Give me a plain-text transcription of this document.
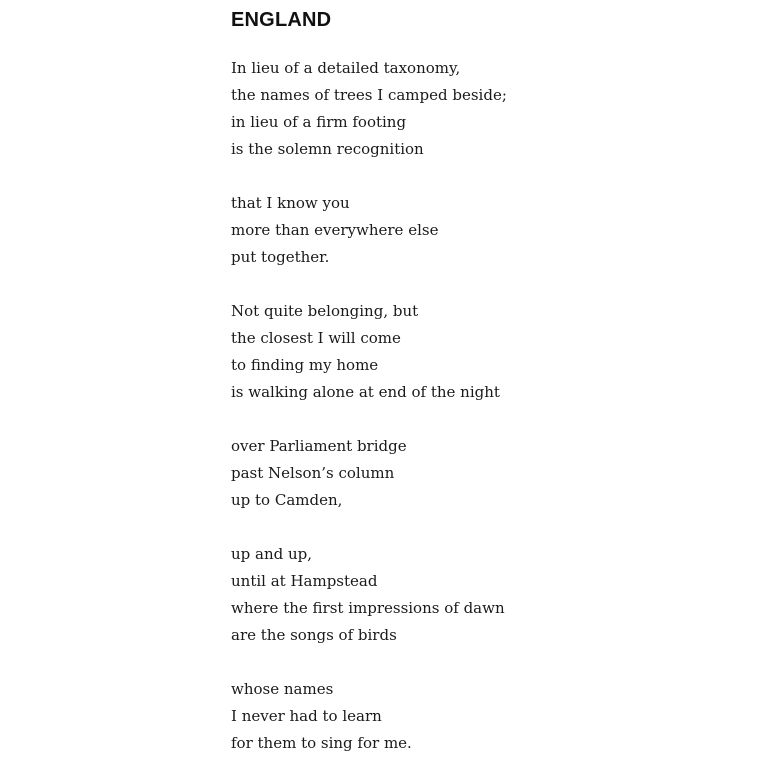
ENGLAND
In lieu of a detailed taxonomy,
the names of trees I camped beside;
in lieu of a firm footing
is the solemn recognition
that I know you
more than everywhere else
put together.
Not quite belonging, but
the closest I will come
to finding my home
is walking alone at end of the night
over Parliament bridge
past Nelson’s column
up to Camden,
up and up,
until at Hampstead
where the first impressions of dawn
are the songs of birds
whose names
I never had to learn
for them to sing for me.
